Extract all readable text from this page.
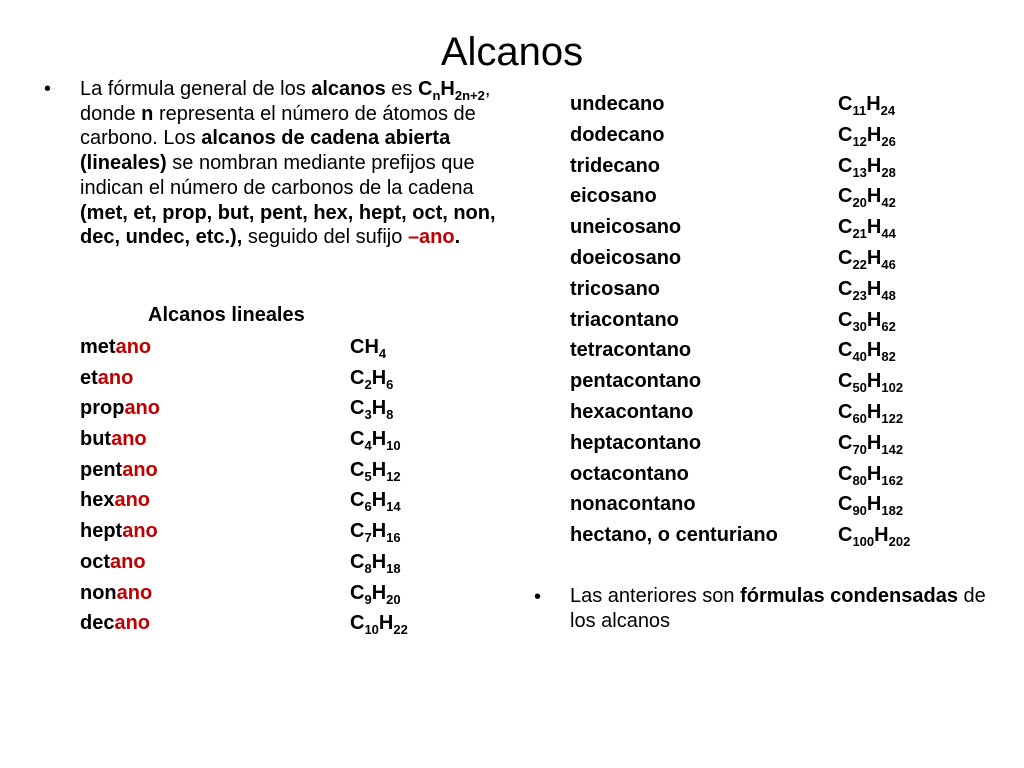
Alcanos
•	La fórmula general de los alcanos es $C_nH_{2n+2}$, donde n representa el número de átomos de carbono. Los alcanos de cadena abierta (lineales) se nombran mediante prefijos que indican el número de carbonos de la cadena (met, et, prop, but, pent, hex, hept, oct, non, dec, undec, etc.), seguido del sufijo –ano.
Alcanos lineales
metano	$CH_4$
etano	$C_2H_6$
propano	$C_3H_8$
butano	$C_4H_{10}$
pentano	$C_5H_{12}$
hexano	$C_6H_{14}$
heptano	$C_7H_{16}$
octano	$C_8H_{18}$
nonano	$C_9H_{20}$
decano	$C_{10}H_{22}$
undecano	$C_{11}H_{24}$
dodecano	$C_{12}H_{26}$
tridecano	$C_{13}H_{28}$
eicosano	$C_{20}H_{42}$
uneicosano	$C_{21}H_{44}$
doeicosano	$C_{22}H_{46}$
tricosano	$C_{23}H_{48}$
triacontano	$C_{30}H_{62}$
tetracontano	$C_{40}H_{82}$
pentacontano	$C_{50}H_{102}$
hexacontano	$C_{60}H_{122}$
heptacontano	$C_{70}H_{142}$
octacontano	$C_{80}H_{162}$
nonacontano	$C_{90}H_{182}$
hectano, o centuriano	$C_{100}H_{202}$
• Las anteriores son fórmulas condensadas de los alcanos
